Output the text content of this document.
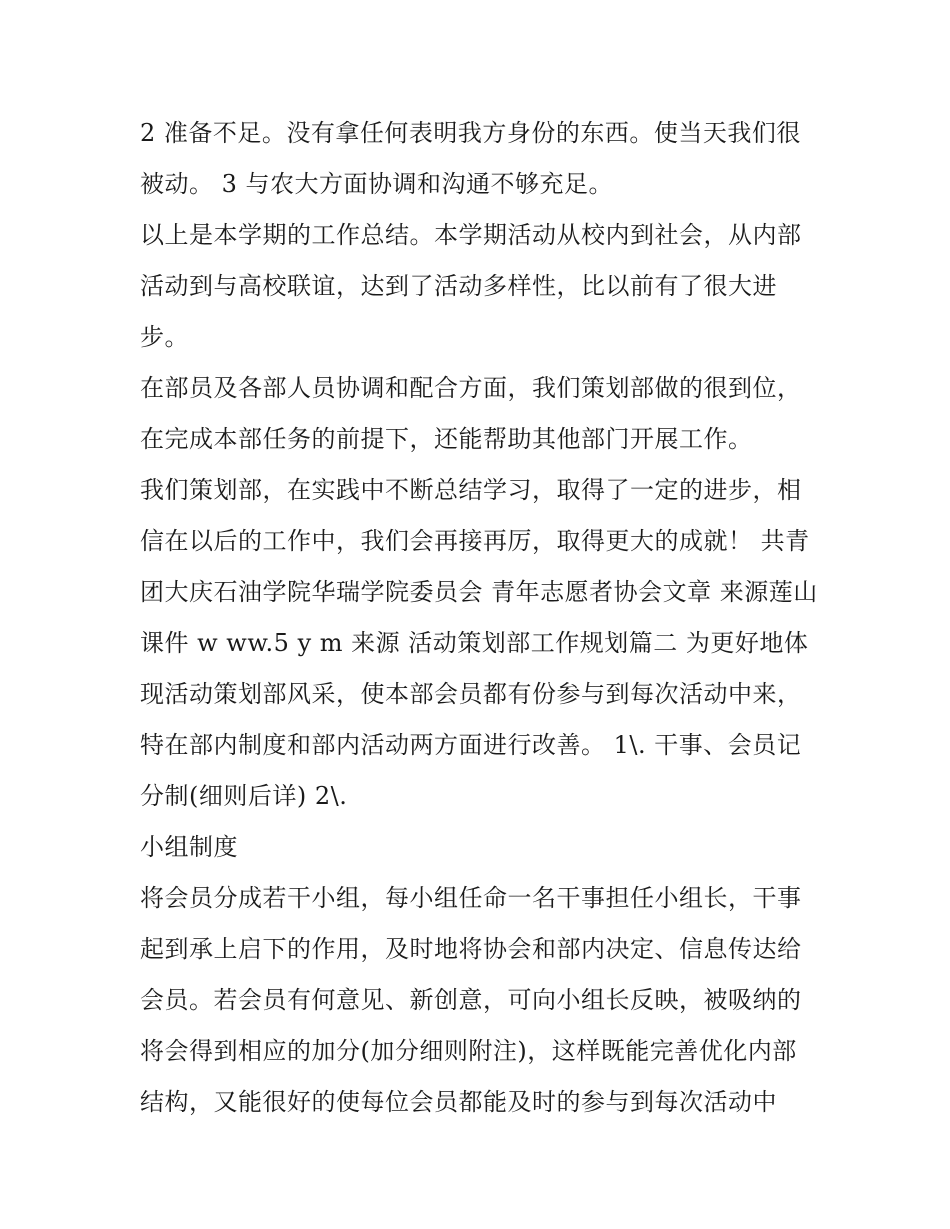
2 准备不足。没有拿任何表明我方身份的东西。使当天我们很被动。 3 与农大方面协调和沟通不够充足。

以上是本学期的工作总结。本学期活动从校内到社会，从内部活动到与高校联谊，达到了活动多样性，比以前有了很大进步。

在部员及各部人员协调和配合方面，我们策划部做的很到位，在完成本部任务的前提下，还能帮助其他部门开展工作。

我们策划部，在实践中不断总结学习，取得了一定的进步，相信在以后的工作中，我们会再接再厉，取得更大的成就！ 共青团大庆石油学院华瑞学院委员会 青年志愿者协会文章 来源莲山 课件 w ww.5 y m 来源 活动策划部工作规划篇二 为更好地体现活动策划部风采，使本部会员都有份参与到每次活动中来，特在部内制度和部内活动两方面进行改善。 1\. 干事、会员记分制(细则后详) 2\.

小组制度

将会员分成若干小组，每小组任命一名干事担任小组长，干事起到承上启下的作用，及时地将协会和部内决定、信息传达给会员。若会员有何意见、新创意，可向小组长反映，被吸纳的将会得到相应的加分(加分细则附注)，这样既能完善优化内部结构，又能很好的使每位会员都能及时的参与到每次活动中
